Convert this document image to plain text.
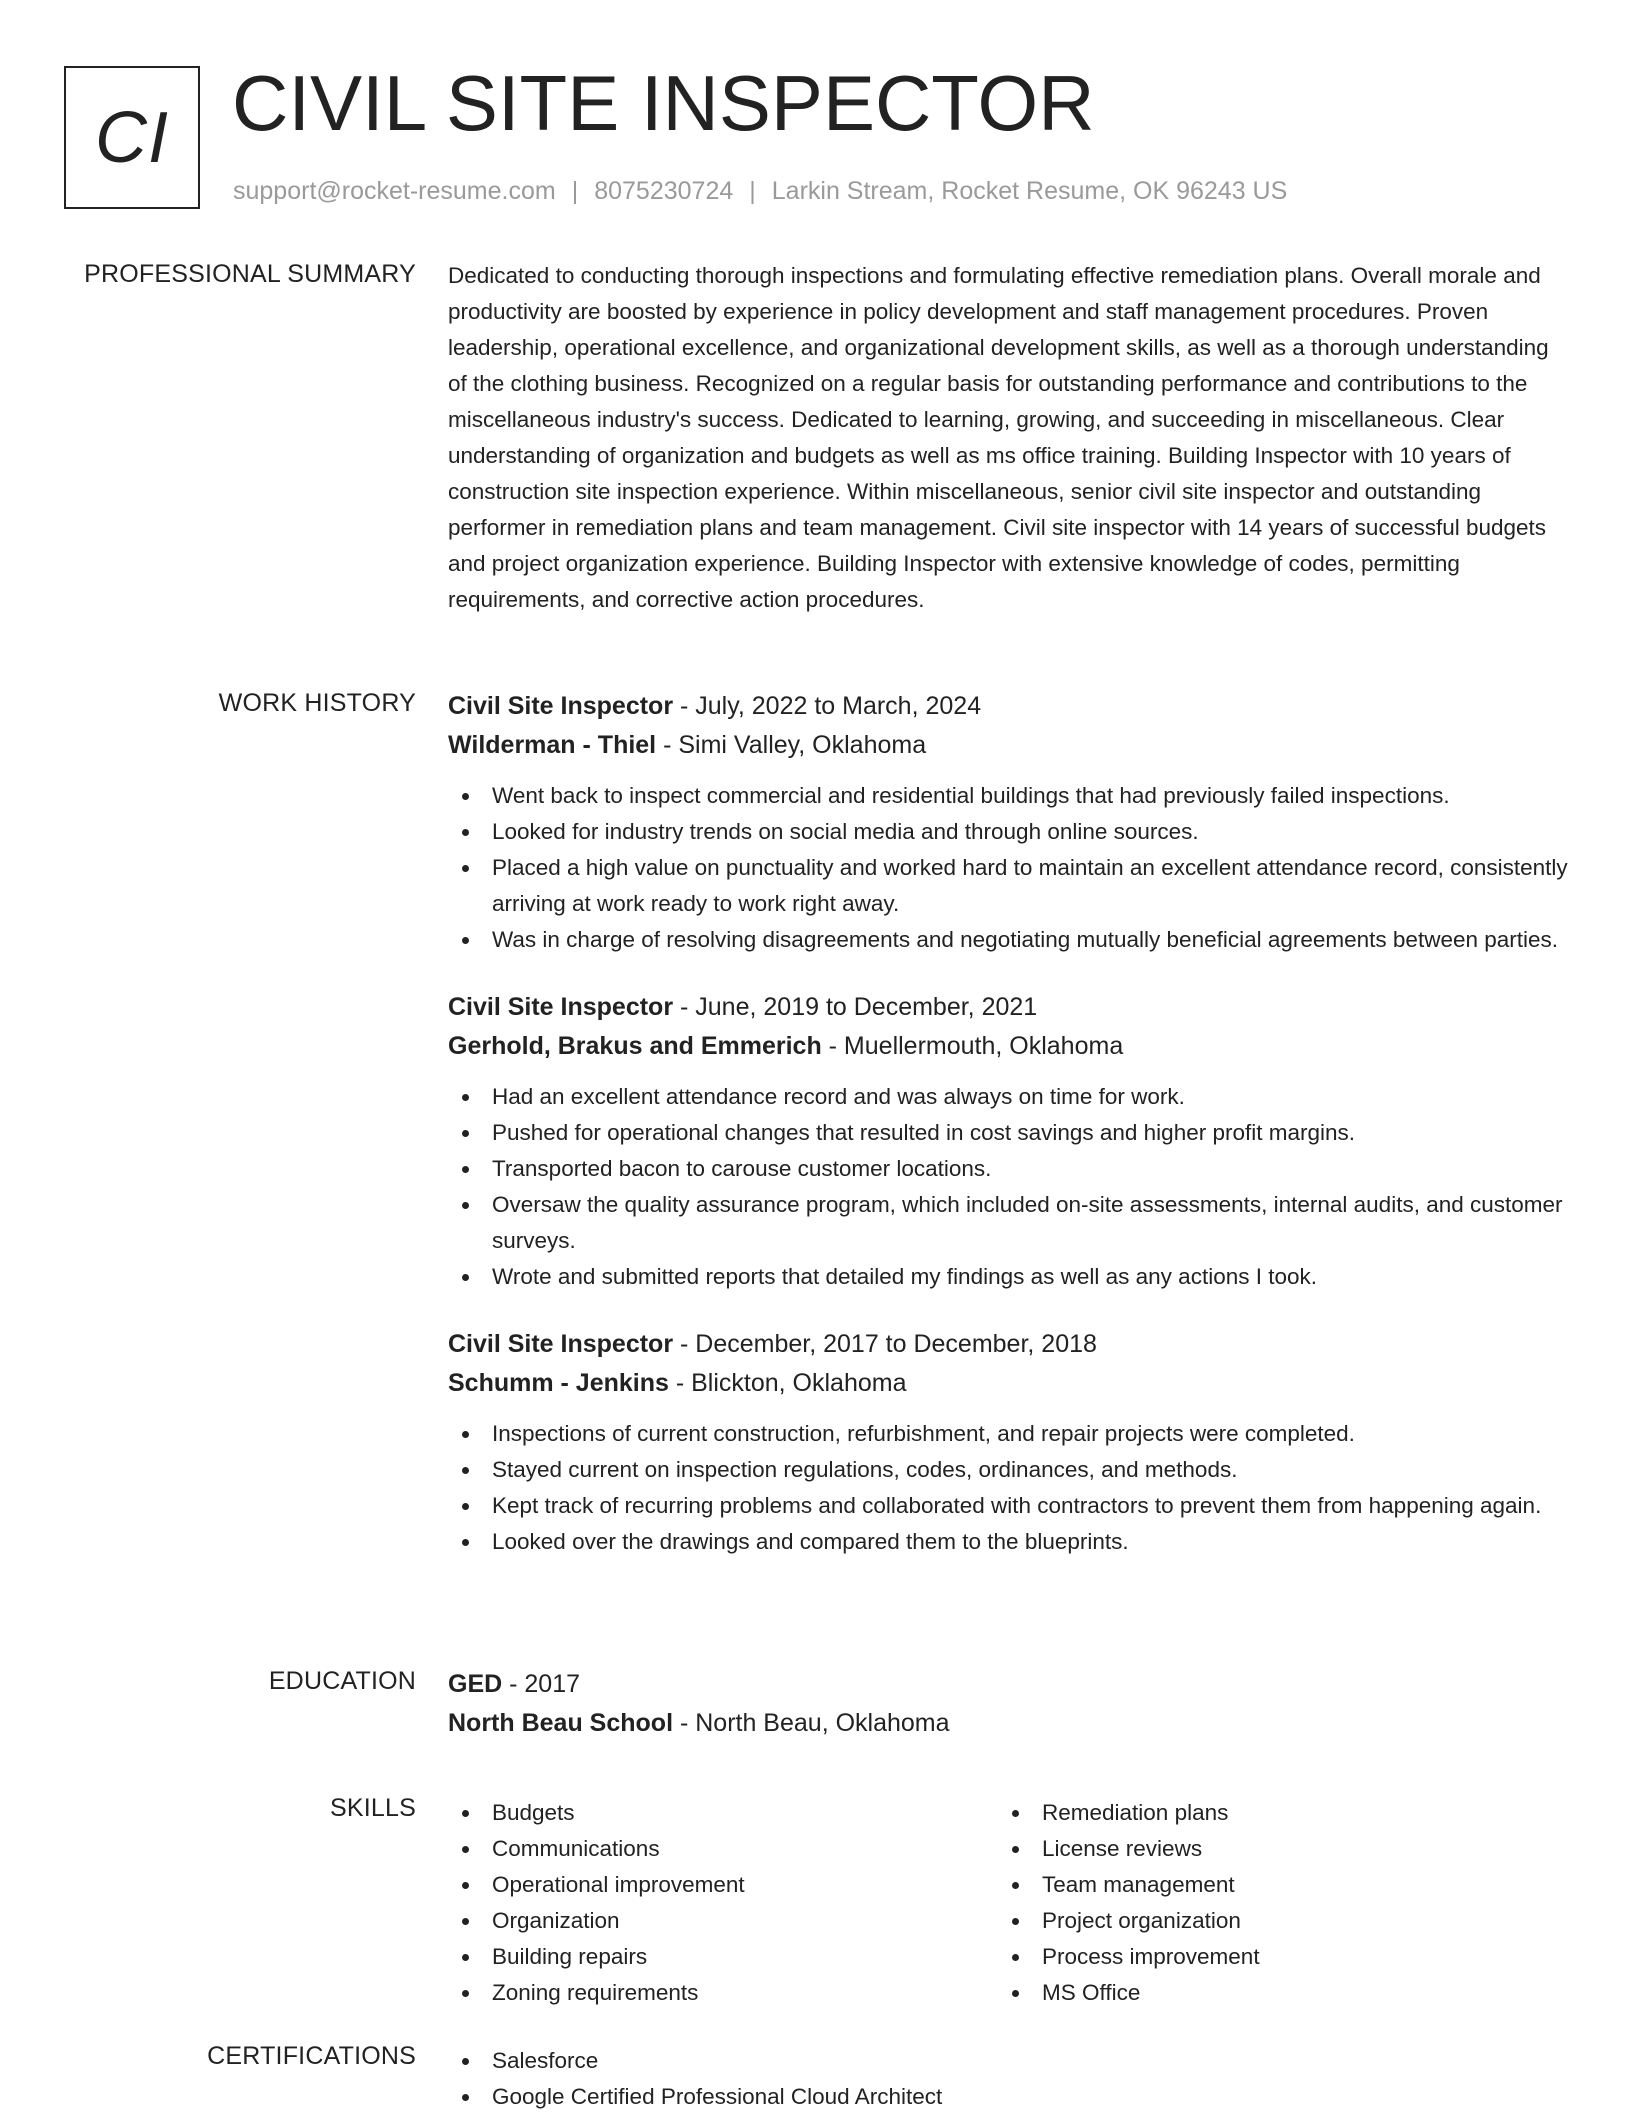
CI CIVIL SITE INSPECTOR
support@rocket-resume.com | 8075230724 | Larkin Stream, Rocket Resume, OK 96243 US
PROFESSIONAL SUMMARY Dedicated to conducting thorough inspections and formulating effective remediation plans. Overall morale and productivity are boosted by experience in policy development and staff management procedures. Proven leadership, operational excellence, and organizational development skills, as well as a thorough understanding of the clothing business. Recognized on a regular basis for outstanding performance and contributions to the miscellaneous industry's success. Dedicated to learning, growing, and succeeding in miscellaneous. Clear understanding of organization and budgets as well as ms office training. Building Inspector with 10 years of construction site inspection experience. Within miscellaneous, senior civil site inspector and outstanding performer in remediation plans and team management. Civil site inspector with 14 years of successful budgets and project organization experience. Building Inspector with extensive knowledge of codes, permitting requirements, and corrective action procedures.

WORK HISTORY Civil Site Inspector - July, 2022 to March, 2024
Wilderman - Thiel - Simi Valley, Oklahoma
Went back to inspect commercial and residential buildings that had previously failed inspections.
Looked for industry trends on social media and through online sources.
Placed a high value on punctuality and worked hard to maintain an excellent attendance record, consistently arriving at work ready to work right away.
Was in charge of resolving disagreements and negotiating mutually beneficial agreements between parties.
Civil Site Inspector - June, 2019 to December, 2021
Gerhold, Brakus and Emmerich - Muellermouth, Oklahoma
Had an excellent attendance record and was always on time for work.
Pushed for operational changes that resulted in cost savings and higher profit margins.
Transported bacon to carouse customer locations.
Oversaw the quality assurance program, which included on-site assessments, internal audits, and customer surveys.
Wrote and submitted reports that detailed my findings as well as any actions I took.
Civil Site Inspector - December, 2017 to December, 2018
Schumm - Jenkins - Blickton, Oklahoma
Inspections of current construction, refurbishment, and repair projects were completed.
Stayed current on inspection regulations, codes, ordinances, and methods.
Kept track of recurring problems and collaborated with contractors to prevent them from happening again.
Looked over the drawings and compared them to the blueprints.
EDUCATION GED - 2017
North Beau School - North Beau, Oklahoma
SKILLS	Budgets
Communications
Operational improvement
Organization
Building repairs
Zoning requirements
Remediation plans
License reviews
Team management
Project organization
Process improvement
MS Office
CERTIFICATIONS	Salesforce
Google Certified Professional Cloud Architect
